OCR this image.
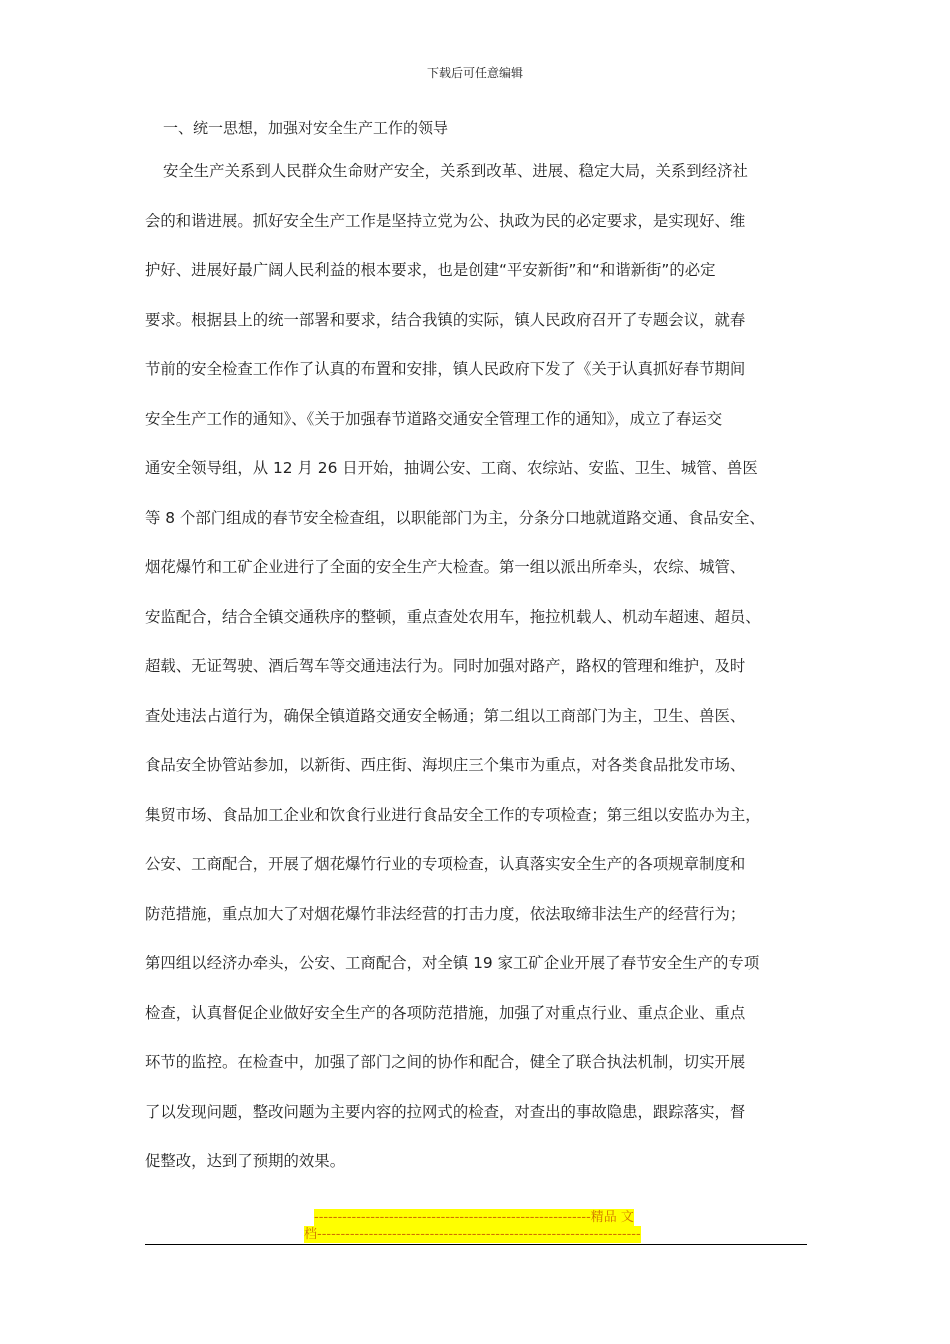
下载后可任意编辑
一、统一思想，加强对安全生产工作的领导
安全生产关系到人民群众生命财产安全，关系到改革、进展、稳定大局，关系到经济社
会的和谐进展。抓好安全生产工作是坚持立党为公、执政为民的必定要求，是实现好、维
护好、进展好最广阔人民利益的根本要求，也是创建“平安新街”和“和谐新街”的必定
要求。根据县上的统一部署和要求，结合我镇的实际，镇人民政府召开了专题会议，就春
节前的安全检查工作作了认真的布置和安排，镇人民政府下发了《关于认真抓好春节期间
安全生产工作的通知》、《关于加强春节道路交通安全管理工作的通知》，成立了春运交
通安全领导组，从 12 月 26 日开始，抽调公安、工商、农综站、安监、卫生、城管、兽医
等 8 个部门组成的春节安全检查组，以职能部门为主，分条分口地就道路交通、食品安全、
烟花爆竹和工矿企业进行了全面的安全生产大检查。第一组以派出所牵头，农综、城管、
安监配合，结合全镇交通秩序的整顿，重点查处农用车，拖拉机载人、机动车超速、超员、
超载、无证驾驶、酒后驾车等交通违法行为。同时加强对路产，路权的管理和维护，及时
查处违法占道行为，确保全镇道路交通安全畅通；第二组以工商部门为主，卫生、兽医、
食品安全协管站参加，以新街、西庄街、海坝庄三个集市为重点，对各类食品批发市场、
集贸市场、食品加工企业和饮食行业进行食品安全工作的专项检查；第三组以安监办为主，
公安、工商配合，开展了烟花爆竹行业的专项检查，认真落实安全生产的各项规章制度和
防范措施，重点加大了对烟花爆竹非法经营的打击力度，依法取缔非法生产的经营行为；
第四组以经济办牵头，公安、工商配合，对全镇 19 家工矿企业开展了春节安全生产的专项
检查，认真督促企业做好安全生产的各项防范措施，加强了对重点行业、重点企业、重点
环节的监控。在检查中，加强了部门之间的协作和配合，健全了联合执法机制，切实开展
了以发现问题，整改问题为主要内容的拉网式的检查，对查出的事故隐患，跟踪落实，督
促整改，达到了预期的效果。
-----------------------------------------------------------精品 文
档---------------------------------------------------------------------
